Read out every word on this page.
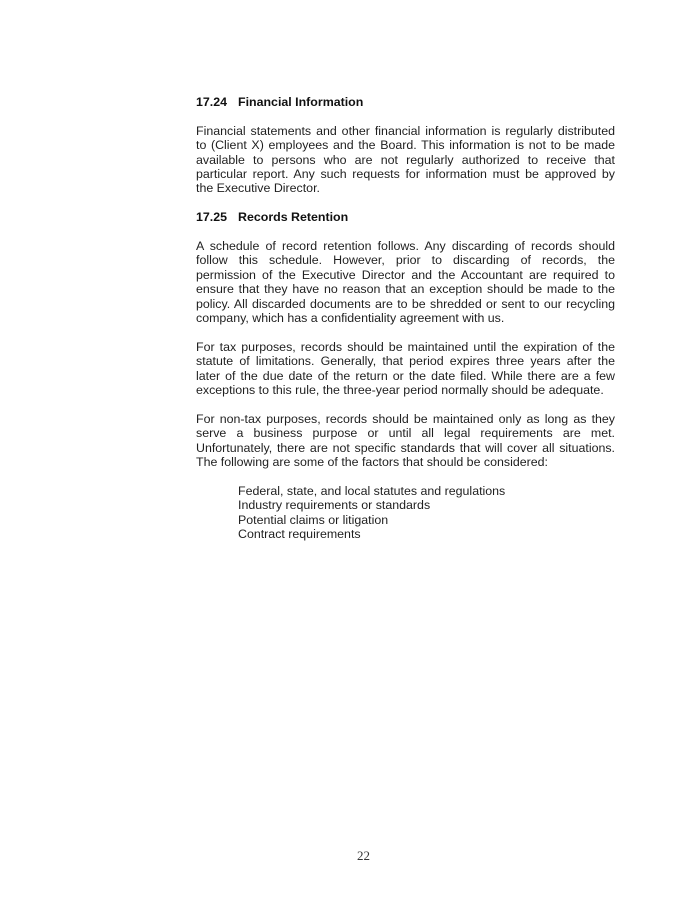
17.24 Financial Information
Financial statements and other financial information is regularly distributed
to (Client X) employees and the Board. This information is not to be made
available to persons who are not regularly authorized to receive that
particular report. Any such requests for information must be approved by
the Executive Director.
17.25 Records Retention
A schedule of record retention follows. Any discarding of records should
follow this schedule. However, prior to discarding of records, the
permission of the Executive Director and the Accountant are required to
ensure that they have no reason that an exception should be made to the
policy. All discarded documents are to be shredded or sent to our recycling
company, which has a confidentiality agreement with us.
For tax purposes, records should be maintained until the expiration of the
statute of limitations. Generally, that period expires three years after the
later of the due date of the return or the date filed. While there are a few
exceptions to this rule, the three-year period normally should be adequate.
For non-tax purposes, records should be maintained only as long as they
serve a business purpose or until all legal requirements are met.
Unfortunately, there are not specific standards that will cover all situations.
The following are some of the factors that should be considered:
Federal, state, and local statutes and regulations
Industry requirements or standards
Potential claims or litigation
Contract requirements
22
